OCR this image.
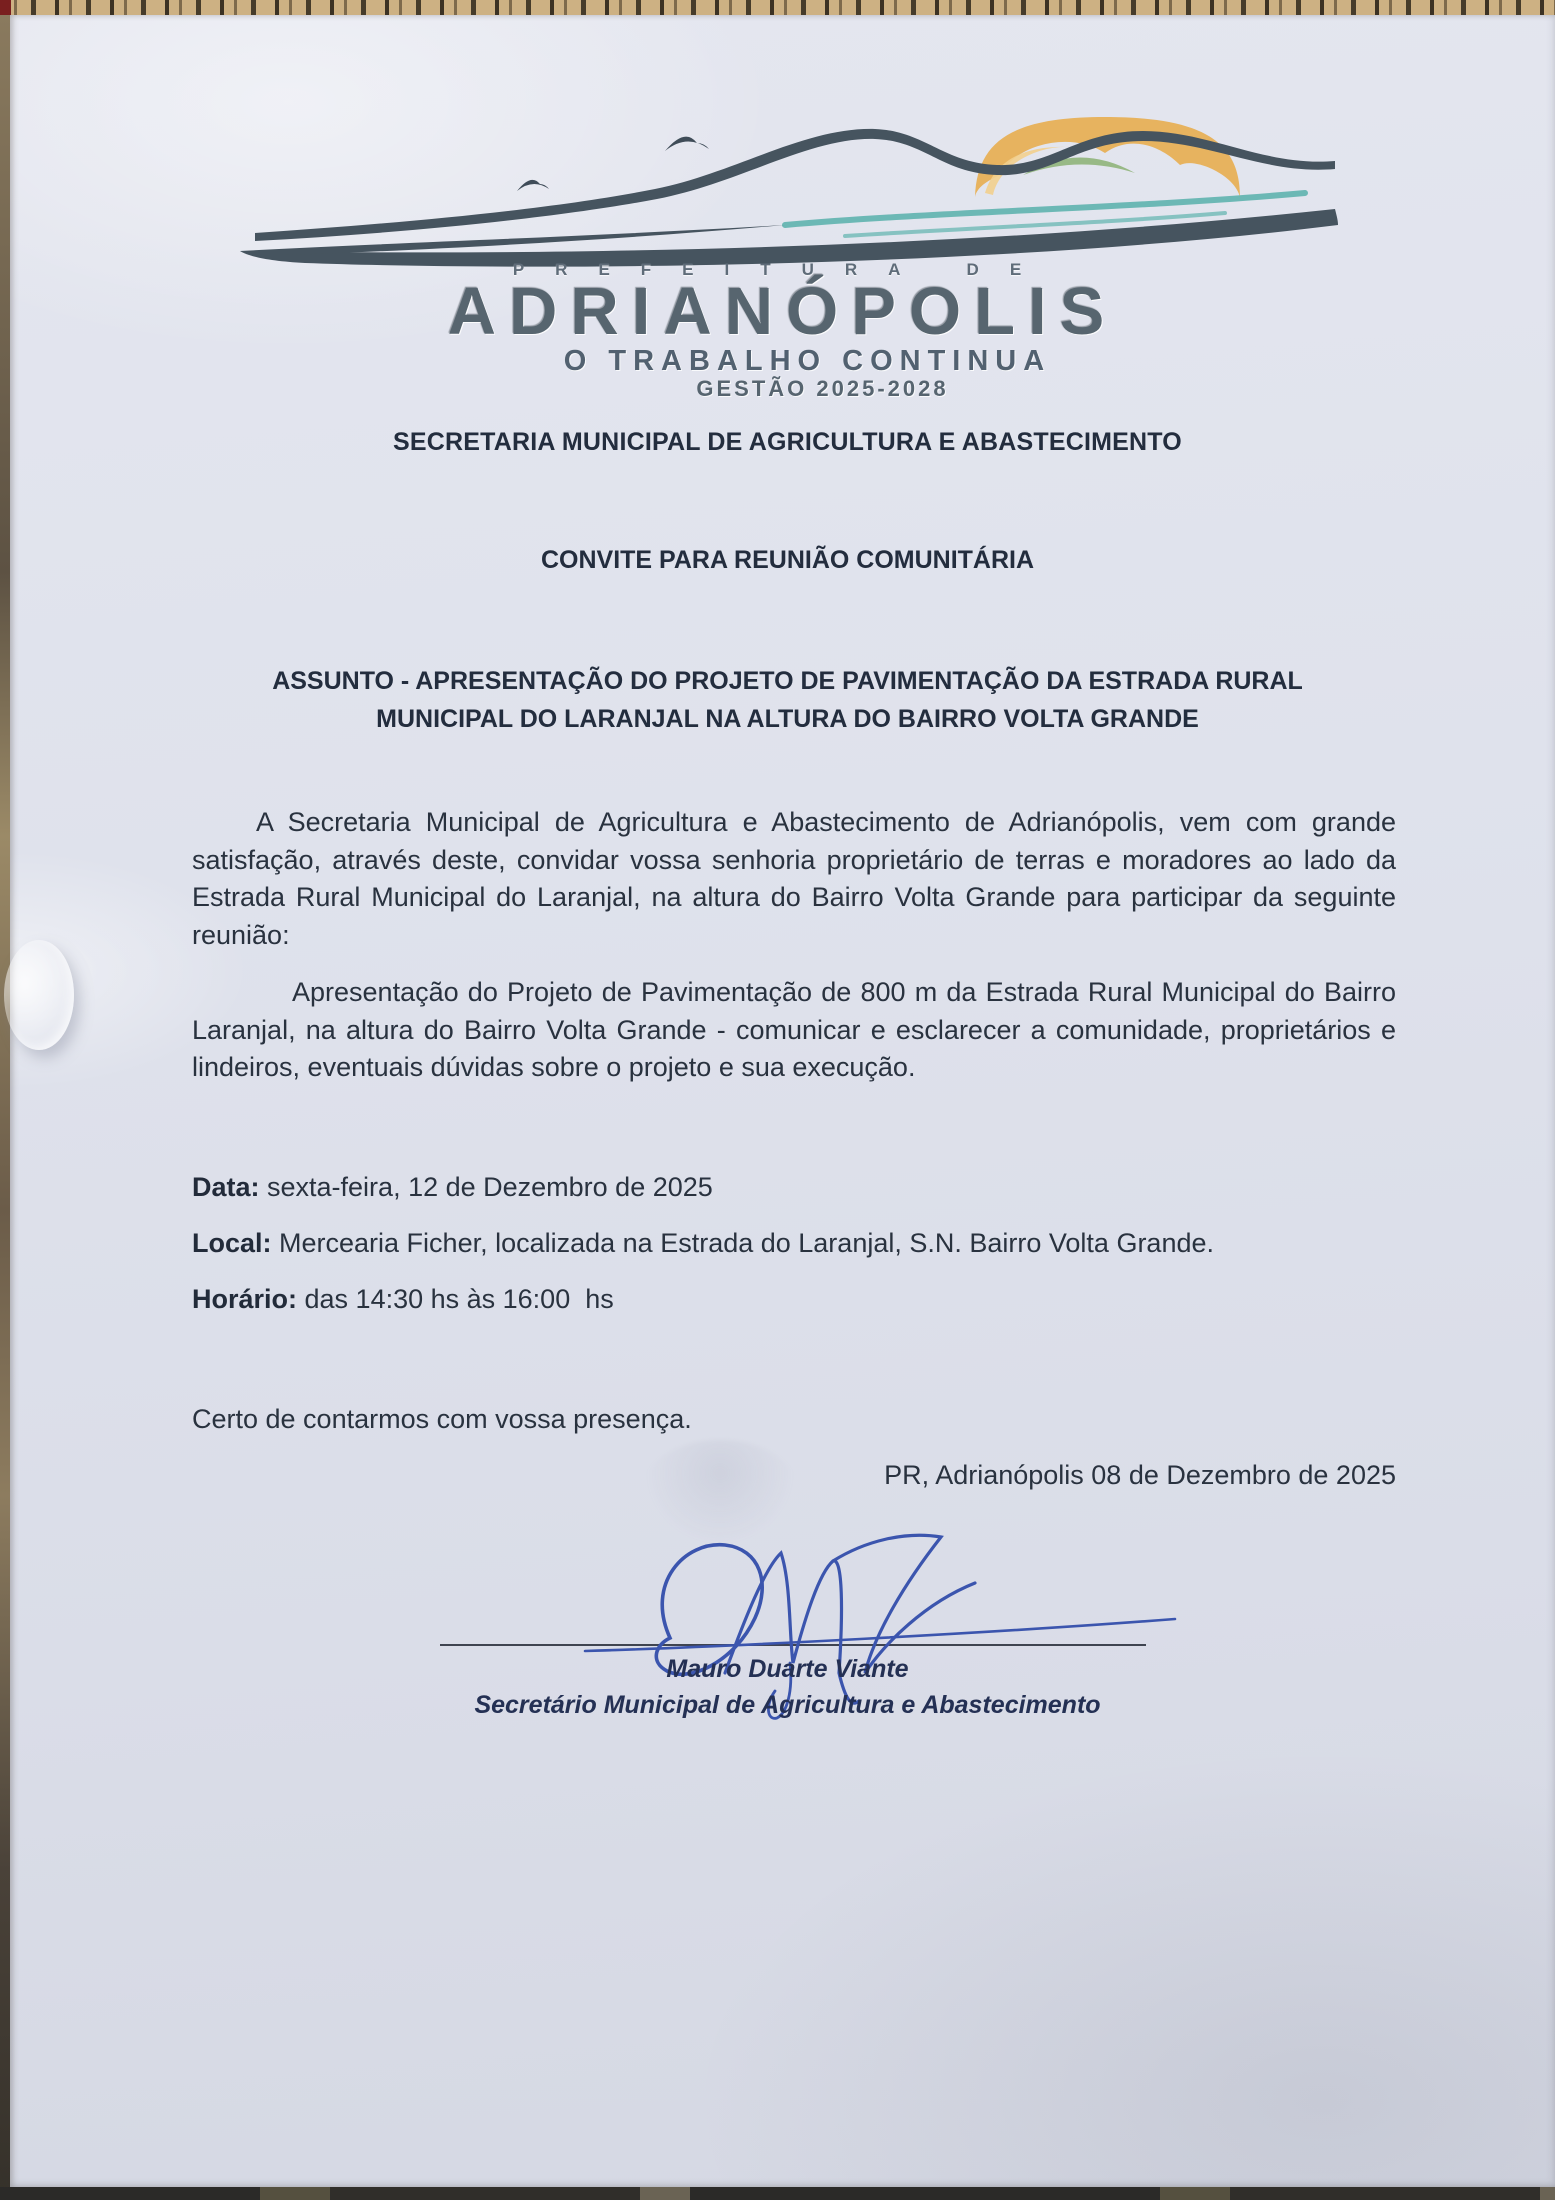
PREFEITURA DE
ADRIANÓPOLIS
O TRABALHO CONTINUA
GESTÃO 2025-2028
SECRETARIA MUNICIPAL DE AGRICULTURA E ABASTECIMENTO
CONVITE PARA REUNIÃO COMUNITÁRIA
ASSUNTO - APRESENTAÇÃO DO PROJETO DE PAVIMENTAÇÃO DA ESTRADA RURAL
MUNICIPAL DO LARANJAL NA ALTURA DO BAIRRO VOLTA GRANDE
A Secretaria Municipal de Agricultura e Abastecimento de Adrianópolis, vem com grande satisfação, através deste, convidar vossa senhoria proprietário de terras e moradores ao lado da Estrada Rural Municipal do Laranjal, na altura do Bairro Volta Grande para participar da seguinte reunião:
Apresentação do Projeto de Pavimentação de 800 m da Estrada Rural Municipal do Bairro Laranjal, na altura do Bairro Volta Grande - comunicar e esclarecer a comunidade, proprietários e lindeiros, eventuais dúvidas sobre o projeto e sua execução.
Data: sexta-feira, 12 de Dezembro de 2025
Local: Mercearia Ficher, localizada na Estrada do Laranjal, S.N. Bairro Volta Grande.
Horário: das 14:30 hs às 16:00  hs
Certo de contarmos com vossa presença.
PR, Adrianópolis 08 de Dezembro de 2025
Mauro Duarte Viante
Secretário Municipal de Agricultura e Abastecimento
